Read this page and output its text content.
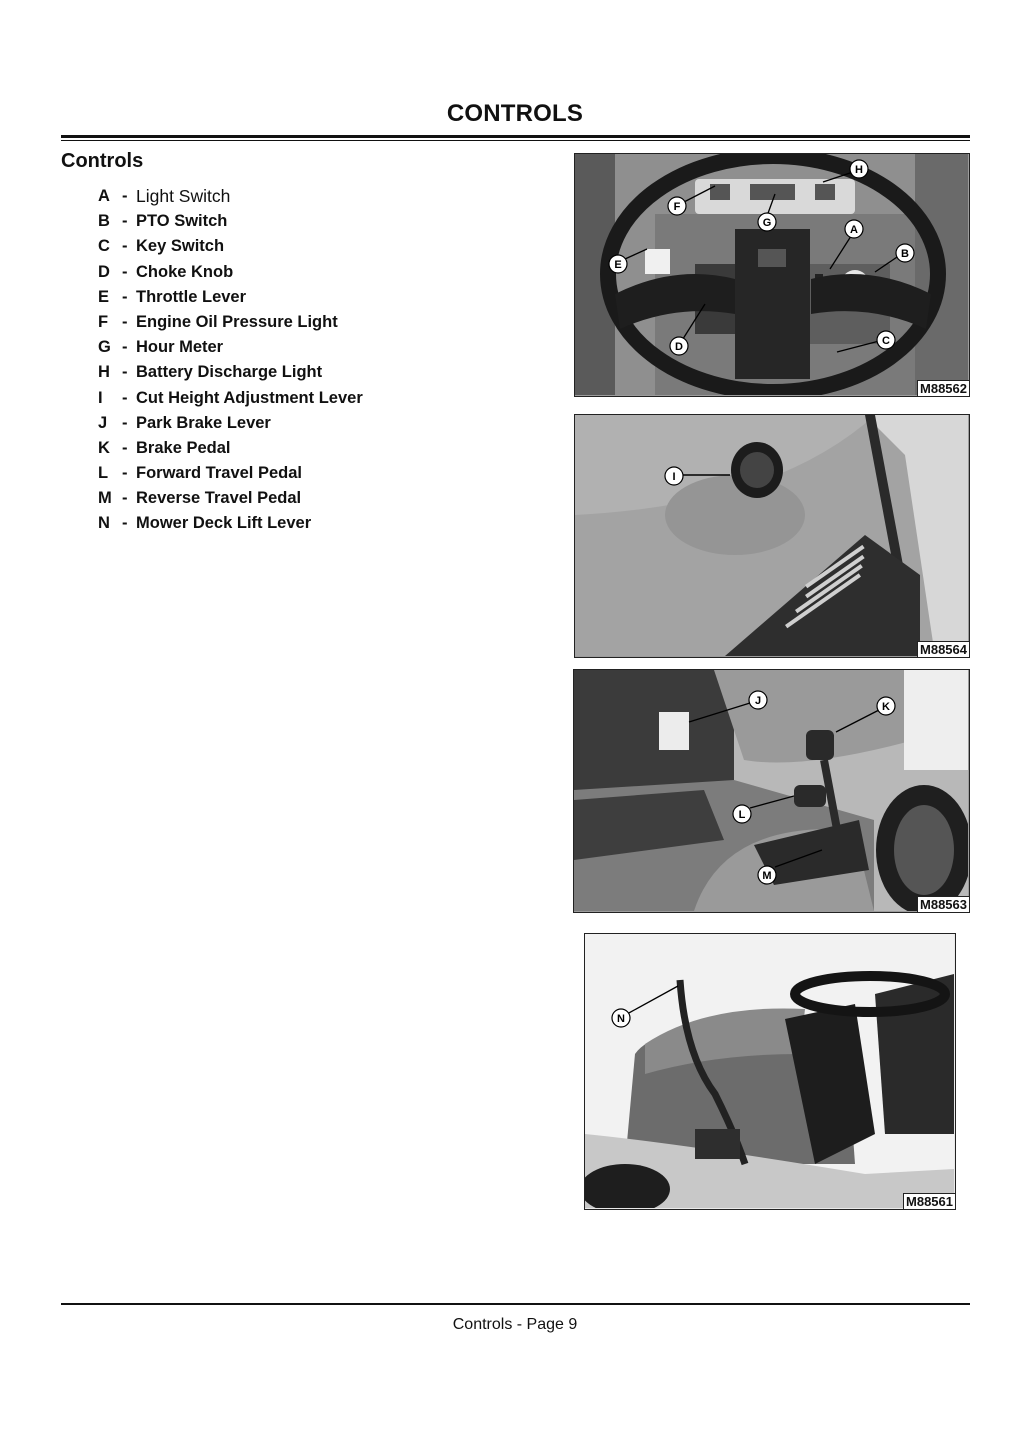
CONTROLS
Controls
A - Light Switch
B - PTO Switch
C - Key Switch
D - Choke Knob
E - Throttle Lever
F - Engine Oil Pressure Light
G - Hour Meter
H - Battery Discharge Light
I	- Cut Height Adjustment Lever
J - Park Brake Lever
K - Brake Pedal
L - Forward Travel Pedal
M - Reverse Travel Pedal
N - Mower Deck Lift Lever
H
F
G
A
B
E
C
D
M88562
I
M88564
J	K
L
M
M88563
N
M88561
Controls - Page 9
